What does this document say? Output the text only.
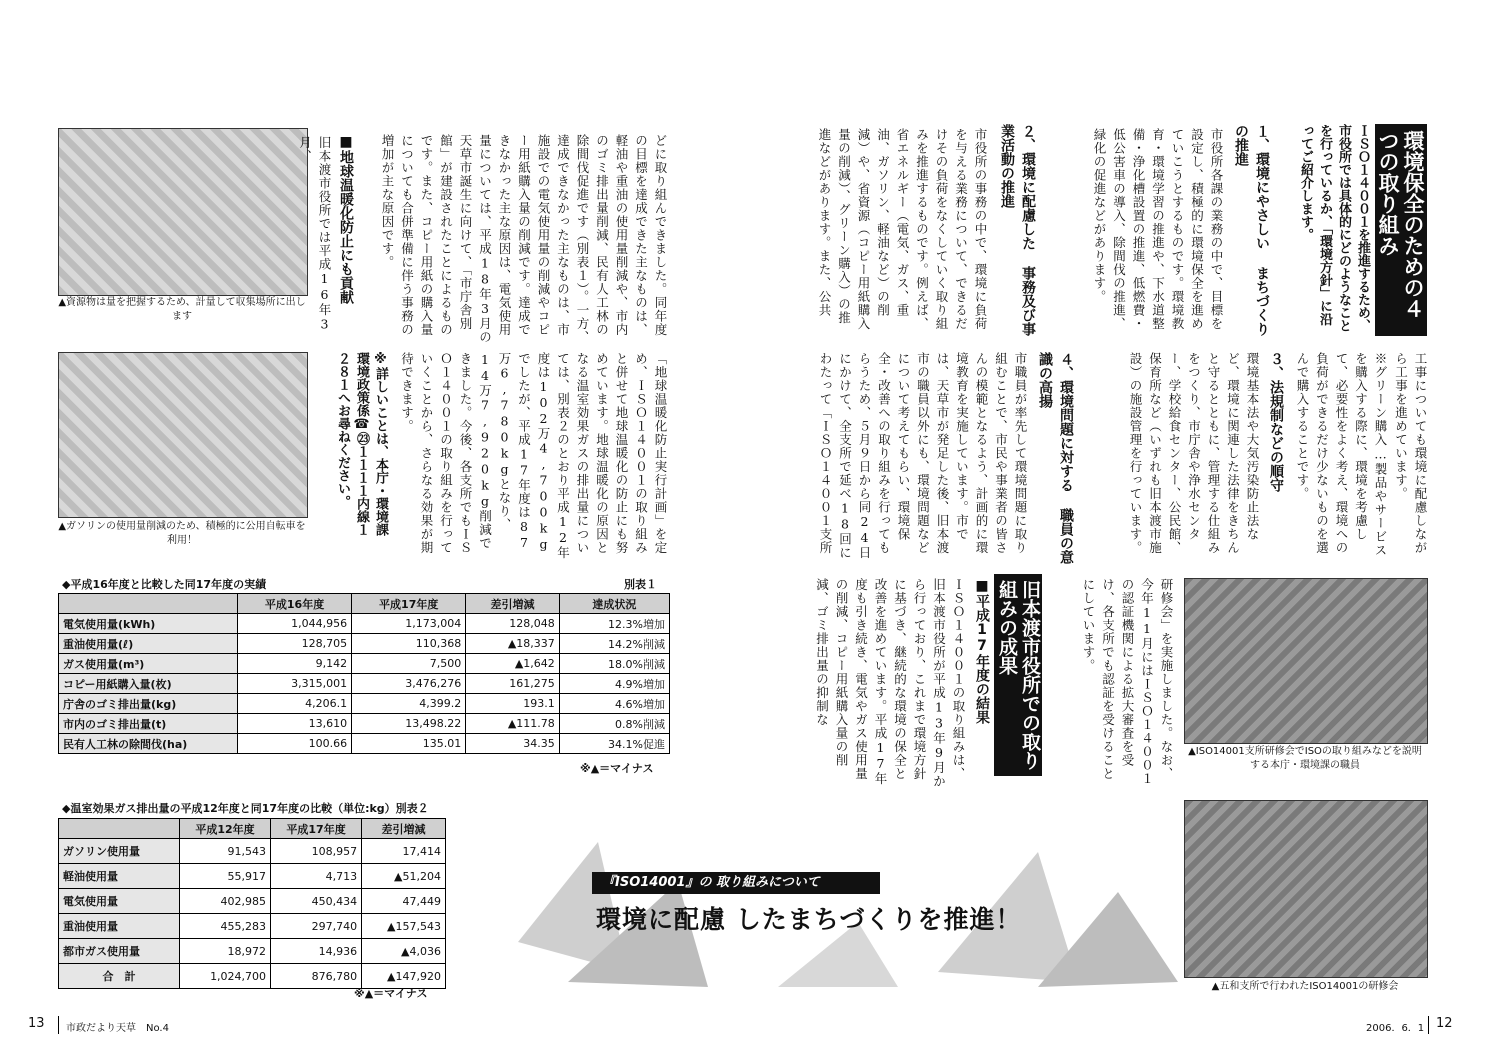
▲資源物は量を把握するため、計量して収集場所に出します
▲ガソリンの使用量削減のため、積極的に公用自転車を利用！
旧本渡市役所では平成16年3月、	■地球温暖化防止にも貢献	どに取り組んできました。同年度の目標を達成できた主なものは、軽油や重油の使用量削減や、市内のゴミ排出量削減、民有人工林の除間伐促進です（別表１）。一方、達成できなかった主なものは、市施設での電気使用量の削減やコピー用紙購入量の削減です。達成できなかった主な原因は、電気使用量については、平成18年3月の天草市誕生に向けて、「市庁舎別館」が建設されたことによるものです。また、コピー用紙の購入量についても合併準備に伴う事務の増加が主な原因です。
「地球温暖化防止実行計画」を定め、ＩＳＯ１４００１の取り組みと併せて地球温暖化の防止にも努めています。地球温暖化の原因となる温室効果ガスの排出量については、別表２のとおり平成12年度は102万4,700kgでしたが、平成17年度は87万6,780kgとなり、14万7,920kg削減できました。今後、各支所でもＩＳＯ１４００１の取り組みを行っていくことから、さらなる効果が期待できます。
※詳しいことは、本庁・環境課環境政策係☎㉓１１１１内線１２８１へお尋ねください。
◆平成16年度と比較した同17年度の実績	別表１
	平成16年度	平成17年度	差引増減	達成状況
電気使用量(kWh)	1,044,956	1,173,004	128,048	12.3%増加
重油使用量(ℓ)	128,705	110,368	▲18,337	14.2%削減
ガス使用量(m³)	9,142	7,500	▲1,642	18.0%削減
コピー用紙購入量(枚)	3,315,001	3,476,276	161,275	4.9%増加
庁舎のゴミ排出量(kg)	4,206.1	4,399.2	193.1	4.6%増加
市内のゴミ排出量(t)	13,610	13,498.22	▲111.78	0.8%削減
民有人工林の除間伐(ha)	100.66	135.01	34.35	34.1%促進
※▲＝マイナス
◆温室効果ガス排出量の平成12年度と同17年度の比較（単位:kg）別表２
	平成12年度	平成17年度	差引増減
ガソリン使用量	91,543	108,957	17,414
軽油使用量	55,917	4,713	▲51,204
電気使用量	402,985	450,434	47,449
重油使用量	455,283	297,740	▲157,543
都市ガス使用量	18,972	14,936	▲4,036
合　計	1,024,700	876,780	▲147,920
※▲＝マイナス
『ISO14001』の 取り組みについて
環境に配慮 したまちづくりを推進！
環境保全のための４つの取り組み
ＩＳＯ１４００１を推進するため、市役所では具体的にどのようなことを行っているか、「環境方針」に沿ってご紹介します。
１、環境にやさしい まちづくりの推進
市役所各課の業務の中で、目標を設定し、積極的に環境保全を進めていこうとするものです。環境教育・環境学習の推進や、下水道整備・浄化槽設置の推進、低燃費・低公害車の導入、除間伐の推進、緑化の促進などがあります。
２、環境に配慮した 事務及び事業活動の推進
市役所の事務の中で、環境に負荷を与える業務について、できるだけその負荷をなくしていく取り組みを推進するものです。例えば、省エネルギー（電気、ガス、重油、ガソリン、軽油など）の削減）や、省資源（コピー用紙購入量の削減）、グリーン購入）の推進などがあります。また、公共
工事についても環境に配慮しながら工事を進めています。
※グリーン購入…製品やサービスを購入する際に、環境を考慮して、必要性をよく考え、環境への負荷ができるだけ少ないものを選んで購入することです。
３、法規制などの順守
環境基本法や大気汚染防止法など、環境に関連した法律をきちんと守るとともに、管理する仕組みをつくり、市庁舎や浄水センター、学校給食センター、公民館、保育所など（いずれも旧本渡市施設）の施設管理を行っています。
４、環境問題に対する 職員の意識の高揚
市職員が率先して環境問題に取り組むことで、市民や事業者の皆さんの模範となるよう、計画的に環境教育を実施しています。市では、天草市が発足した後、旧本渡市の職員以外にも、環境問題などについて考えてもらい、環境保全・改善への取り組みを行ってもらうため、５月９日から同24日にかけて、全支所で延べ18回にわたって「ＩＳＯ１４００１支所
旧本渡市役所での取り組みの成果
■平成17年度の結果
ＩＳＯ１４００１の取り組みは、旧本渡市役所が平成13年9月から行っており、これまで環境方針に基づき、継続的な環境の保全と改善を進めています。平成17年度も引き続き、電気やガス使用量の削減、コピー用紙購入量の削減、ゴミ排出量の抑制な	研修会」を実施しました。なお、今年11月にはＩＳＯ１４００１の認証機関による拡大審査を受け、各支所でも認証を受けることにしています。
▲ISO14001支所研修会でISOの取り組みなどを説明する本庁・環境課の職員
▲五和支所で行われたISO14001の研修会
13 市政だより天草　No.4	2006．6．1 12
